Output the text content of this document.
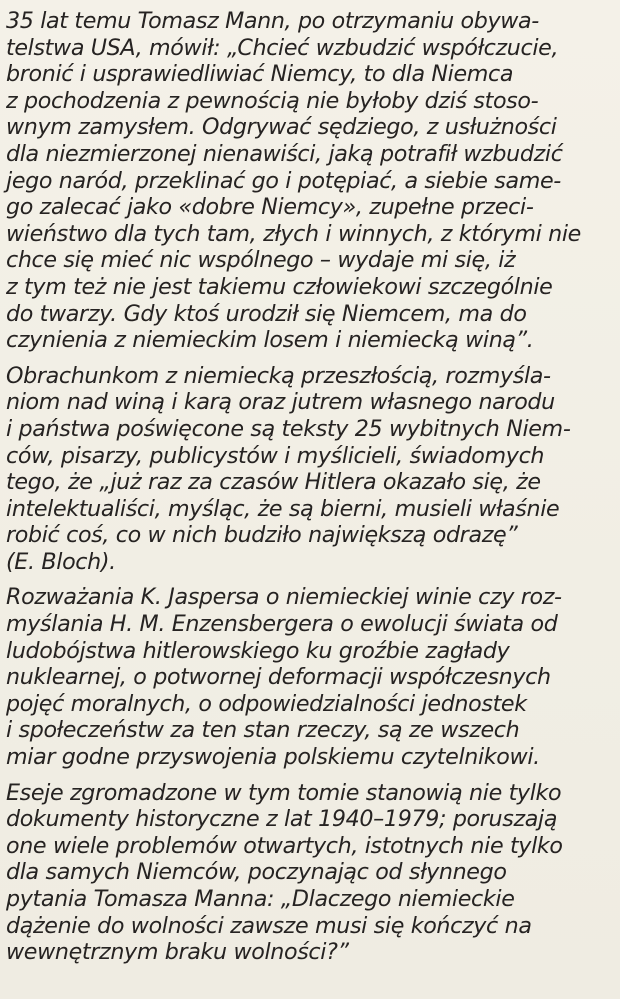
35 lat temu Tomasz Mann, po otrzymaniu obywa-
telstwa USA, mówił: „Chcieć wzbudzić współczucie,
bronić i usprawiedliwiać Niemcy, to dla Niemca
z pochodzenia z pewnością nie byłoby dziś stoso-
wnym zamysłem. Odgrywać sędziego, z usłużności
dla niezmierzonej nienawiści, jaką potrafił wzbudzić
jego naród, przeklinać go i potępiać, a siebie same-
go zalecać jako «dobre Niemcy», zupełne przeci-
wieństwo dla tych tam, złych i winnych, z którymi nie
chce się mieć nic wspólnego – wydaje mi się, iż
z tym też nie jest takiemu człowiekowi szczególnie
do twarzy. Gdy ktoś urodził się Niemcem, ma do
czynienia z niemieckim losem i niemiecką winą”.

Obrachunkom z niemiecką przeszłością, rozmyśla-
niom nad winą i karą oraz jutrem własnego narodu
i państwa poświęcone są teksty 25 wybitnych Niem-
ców, pisarzy, publicystów i myślicieli, świadomych
tego, że „już raz za czasów Hitlera okazało się, że
intelektualiści, myśląc, że są bierni, musieli właśnie
robić coś, co w nich budziło największą odrazę”
(E. Bloch).

Rozważania K. Jaspersa o niemieckiej winie czy roz-
myślania H. M. Enzensbergera o ewolucji świata od
ludobójstwa hitlerowskiego ku groźbie zagłady
nuklearnej, o potwornej deformacji współczesnych
pojęć moralnych, o odpowiedzialności jednostek
i społeczeństw za ten stan rzeczy, są ze wszech
miar godne przyswojenia polskiemu czytelnikowi.

Eseje zgromadzone w tym tomie stanowią nie tylko
dokumenty historyczne z lat 1940–1979; poruszają
one wiele problemów otwartych, istotnych nie tylko
dla samych Niemców, poczynając od słynnego
pytania Tomasza Manna: „Dlaczego niemieckie
dążenie do wolności zawsze musi się kończyć na
wewnętrznym braku wolności?”
